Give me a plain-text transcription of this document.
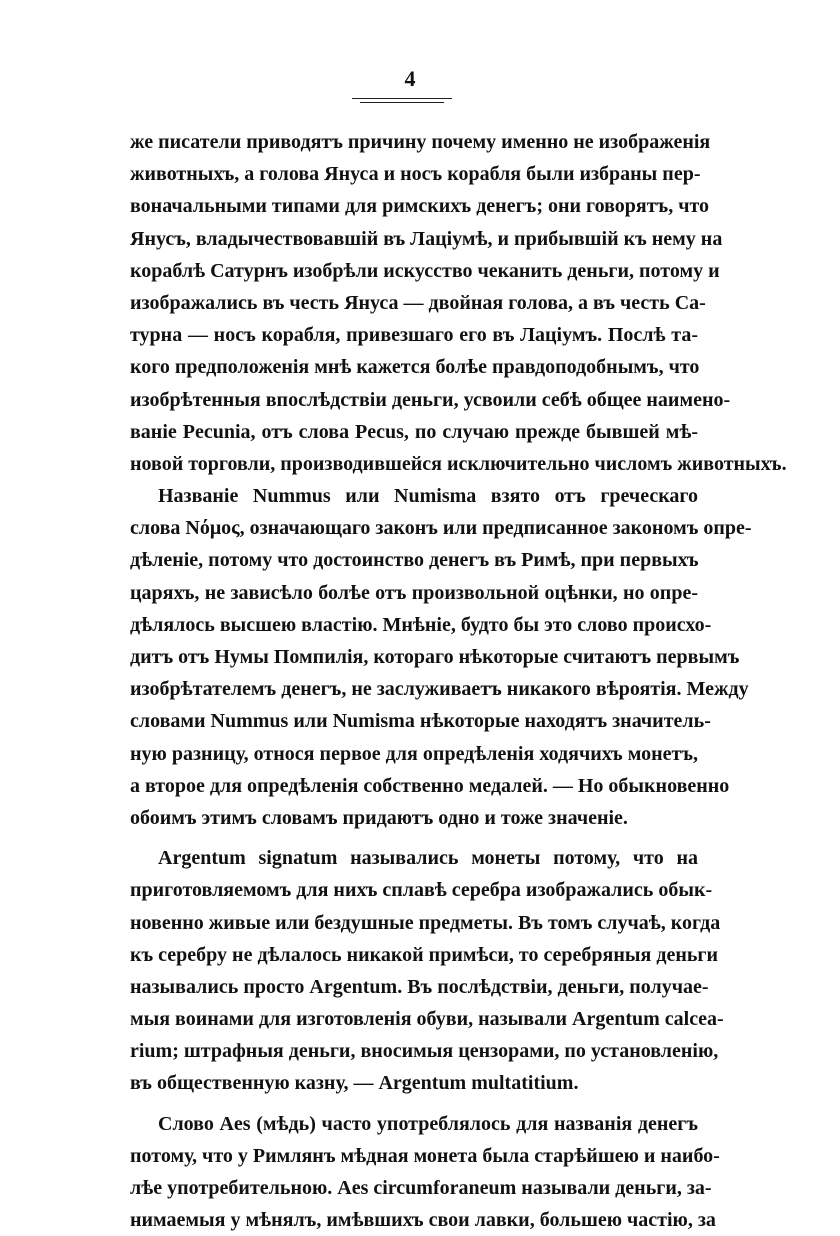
4
же писатели приводятъ причину почему именно не изображенія
животныхъ, а голова Януса и носъ корабля были избраны пер-
воначальными типами для римскихъ денегъ; они говорятъ, что
Янусъ, владычествовавшій въ Лаціумѣ, и прибывшій къ нему на
кораблѣ Сатурнъ изобрѣли искусство чеканить деньги, потому и
изображались въ честь Януса — двойная голова, а въ честь Са-
турна — носъ корабля, привезшаго его въ Лаціумъ. Послѣ та-
кого предположенія мнѣ кажется болѣе правдоподобнымъ, что
изобрѣтенныя впослѣдствіи деньги, усвоили себѣ общее наимено-
ваніе Pecunia, отъ слова Pecus, по случаю прежде бывшей мѣ-
новой торговли, производившейся исключительно числомъ животныхъ.
Названіе Nummus или Numisma взято отъ греческаго
слова Nόμος, означающаго законъ или предписанное закономъ опре-
дѣленіе, потому что достоинство денегъ въ Римѣ, при первыхъ
царяхъ, не зависѣло болѣе отъ произвольной оцѣнки, но опре-
дѣлялось высшею властію. Мнѣніе, будто бы это слово происхо-
дитъ отъ Нумы Помпилія, котораго нѣкоторые считаютъ первымъ
изобрѣтателемъ денегъ, не заслуживаетъ никакого вѣроятія. Между
словами Nummus или Numisma нѣкоторые находятъ значитель-
ную разницу, относя первое для опредѣленія ходячихъ монетъ,
а второе для опредѣленія собственно медалей. — Но обыкновенно
обоимъ этимъ словамъ придаютъ одно и тоже значеніе.
Argentum signatum назывались монеты потому, что на
приготовляемомъ для нихъ сплавѣ серебра изображались обык-
новенно живые или бездушные предметы. Въ томъ случаѣ, когда
къ серебру не дѣлалось никакой примѣси, то серебряныя деньги
назывались просто Argentum. Въ послѣдствіи, деньги, получае-
мыя воинами для изготовленія обуви, называли Argentum calcea-
rium; штрафныя деньги, вносимыя цензорами, по установленію,
въ общественную казну, — Argentum multatitium.
Слово Aes (мѣдь) часто употреблялось для названія денегъ
потому, что у Римлянъ мѣдная монета была старѣйшею и наибо-
лѣе употребительною. Aes circumforaneum называли деньги, за-
нимаемыя у мѣнялъ, имѣвшихъ свои лавки, большею частію, за
